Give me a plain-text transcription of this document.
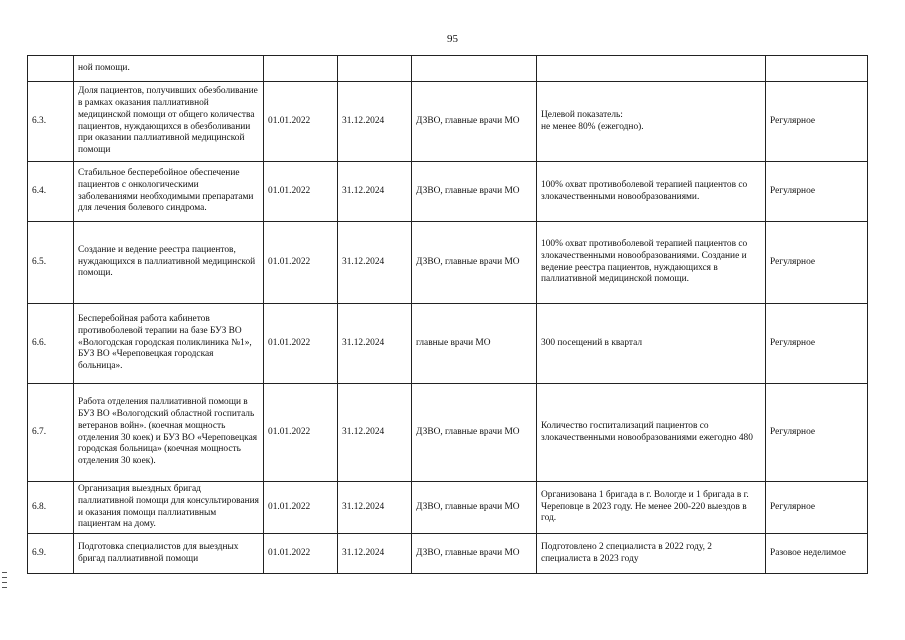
95
	ной помощи.					
6.3.	Доля пациентов, получивших обезболивание в рамках оказания паллиативной медицинской помощи от общего количества пациентов, нуждающихся в обезболивании при оказании паллиативной медицинской помощи	01.01.2022	31.12.2024	ДЗВО, главные врачи МО	Целевой показатель:
не менее 80% (ежегодно).	Регулярное
6.4.	Стабильное бесперебойное обеспечение пациентов с онкологическими заболеваниями необходимыми препаратами для лечения болевого синдрома.	01.01.2022	31.12.2024	ДЗВО, главные врачи МО	100% охват противоболевой терапией пациентов со злокачественными новообразованиями.	Регулярное
6.5.	Создание и ведение реестра пациентов, нуждающихся в паллиативной медицинской помощи.	01.01.2022	31.12.2024	ДЗВО, главные врачи МО	100% охват противоболевой терапией пациентов со злокачественными новообразованиями. Создание и ведение реестра пациентов, нуждающихся в паллиативной медицинской помощи.	Регулярное
6.6.	Бесперебойная работа кабинетов противоболевой терапии на базе БУЗ ВО «Вологодская городская поликлиника №1», БУЗ ВО «Череповецкая городская больница».	01.01.2022	31.12.2024	главные врачи МО	300 посещений в квартал	Регулярное
6.7.	Работа отделения паллиативной помощи в БУЗ ВО «Вологодский областной госпиталь ветеранов войн». (коечная мощность отделения 30 коек) и БУЗ ВО «Череповецкая городская больница» (коечная мощность отделения 30 коек).	01.01.2022	31.12.2024	ДЗВО, главные врачи МО	Количество госпитализаций пациентов со злокачественными новообразованиями ежегодно 480	Регулярное
6.8.	Организация выездных бригад паллиативной помощи для консультирования и оказания помощи паллиативным пациентам на дому.	01.01.2022	31.12.2024	ДЗВО, главные врачи МО	Организована 1 бригада в г. Вологде и 1 бригада в г. Череповце в 2023 году. Не менее 200-220 выездов в год.	Регулярное
6.9.	Подготовка специалистов для выездных бригад паллиативной помощи	01.01.2022	31.12.2024	ДЗВО, главные врачи МО	Подготовлено 2 специалиста в 2022 году, 2 специалиста в 2023 году	Разовое неделимое
